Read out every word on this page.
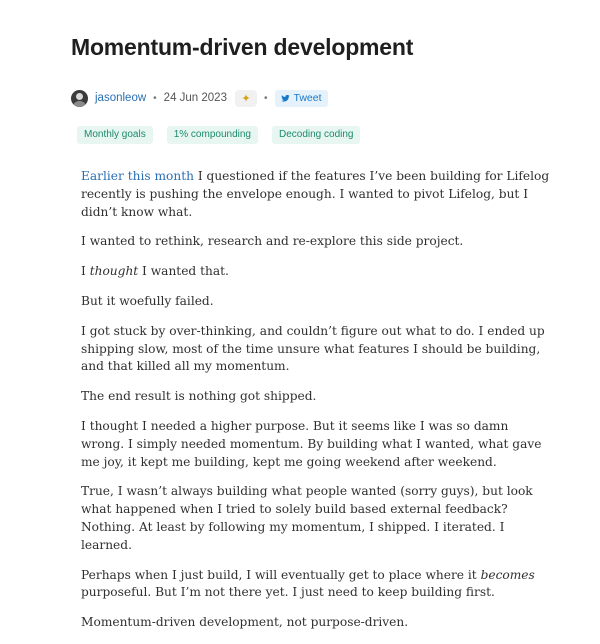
Momentum-driven development
jasonleow • 24 Jun 2023	✦	• Tweet
Monthly goals	1% compounding	Decoding coding

Earlier this month I questioned if the features I’ve been building for Lifelog recently is pushing the envelope enough. I wanted to pivot Lifelog, but I didn’t know what.

I wanted to rethink, research and re-explore this side project.

I thought I wanted that.

But it woefully failed.

I got stuck by over-thinking, and couldn’t figure out what to do. I ended up shipping slow, most of the time unsure what features I should be building, and that killed all my momentum.

The end result is nothing got shipped.

I thought I needed a higher purpose. But it seems like I was so damn wrong. I simply needed momentum. By building what I wanted, what gave me joy, it kept me building, kept me going weekend after weekend.

True, I wasn’t always building what people wanted (sorry guys), but look what happened when I tried to solely build based external feedback? Nothing. At least by following my momentum, I shipped. I iterated. I learned.

Perhaps when I just build, I will eventually get to place where it becomes purposeful. But I’m not there yet. I just need to keep building first.

Momentum-driven development, not purpose-driven.
